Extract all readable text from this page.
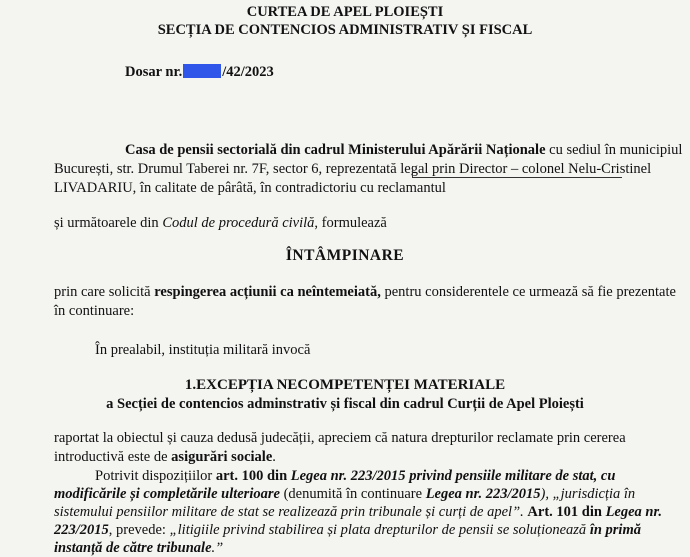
CURTEA DE APEL PLOIEȘTI
SECȚIA DE CONTENCIOS ADMINISTRATIV ȘI FISCAL
Dosar nr.	/42/2023
Casa de pensii sectorială din cadrul Ministerului Apărării Naționale cu sediul în municipiul
București, str. Drumul Taberei nr. 7F, sector 6, reprezentată legal prin Director – colonel Nelu-Cristinel
LIVADARIU, în calitate de pârâtă, în contradictoriu cu reclamantul
și următoarele din Codul de procedură civilă, formulează
ÎNTÂMPINARE
prin care solicită respingerea acțiunii ca neîntemeiată, pentru considerentele ce urmează să fie prezentate
în continuare:
În prealabil, instituția militară invocă
1.EXCEPȚIA NECOMPETENȚEI MATERIALE
a Secției de contencios adminstrativ și fiscal din cadrul Curții de Apel Ploiești
raportat la obiectul și cauza dedusă judecății, apreciem că natura drepturilor reclamate prin cererea
introductivă este de asigurări sociale.
Potrivit dispozițiilor art. 100 din Legea nr. 223/2015 privind pensiile militare de stat, cu
modificările și completările ulterioare (denumită în continuare Legea nr. 223/2015), „jurisdicția în
sistemului pensiilor militare de stat se realizează prin tribunale și curți de apel”. Art. 101 din Legea nr.
223/2015, prevede: „litigiile privind stabilirea și plata drepturilor de pensii se soluționează în primă
instanță de către tribunale.”
